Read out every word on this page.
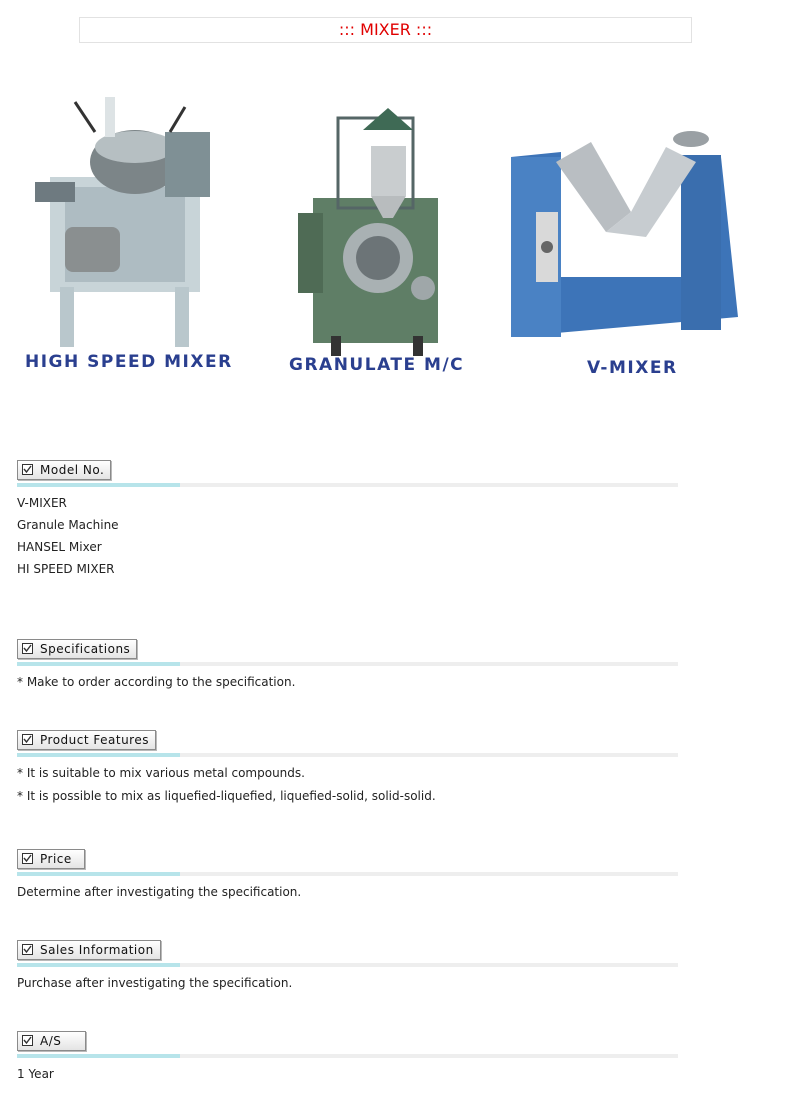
::: MIXER :::
HIGH SPEED MIXER	GRANULATE M/C	V-MIXER
Model No.
V-MIXER
Granule Machine
HANSEL Mixer
HI SPEED MIXER
Specifications
* Make to order according to the specification.
Product Features
* It is suitable to mix various metal compounds.
* It is possible to mix as liquefied-liquefied, liquefied-solid, solid-solid.
Price
Determine after investigating the specification.
Sales Information
Purchase after investigating the specification.
A/S
1 Year
